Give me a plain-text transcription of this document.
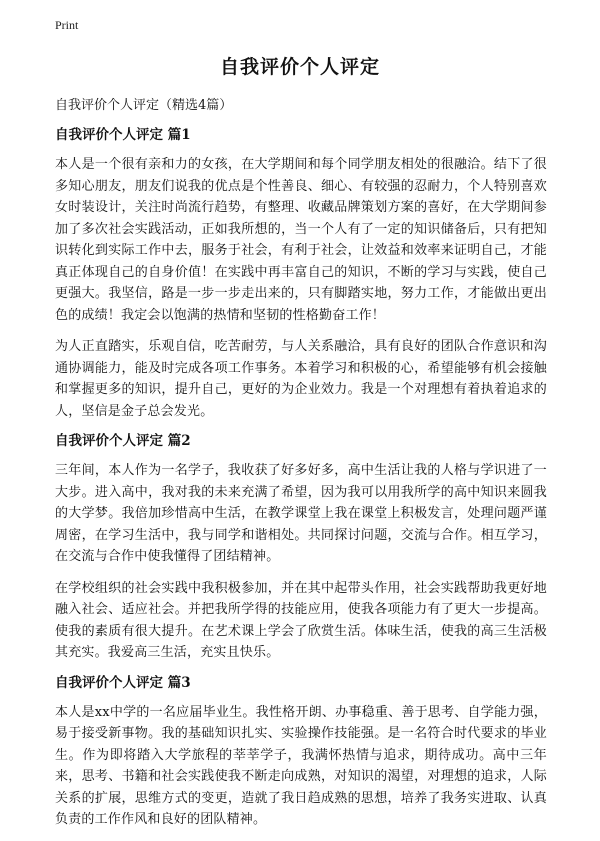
Print
自我评价个人评定

自我评价个人评定（精选4篇）

自我评价个人评定 篇1

本人是一个很有亲和力的女孩，在大学期间和每个同学朋友相处的很融洽。结下了很多知心朋友，朋友们说我的优点是个性善良、细心、有较强的忍耐力，个人特别喜欢女时装设计，关注时尚流行趋势，有整理、收藏品牌策划方案的喜好，在大学期间参加了多次社会实践活动，正如我所想的，当一个人有了一定的知识储备后，只有把知识转化到实际工作中去，服务于社会，有利于社会，让效益和效率来证明自己，才能真正体现自己的自身价值！在实践中再丰富自己的知识，不断的学习与实践，使自己更强大。我坚信，路是一步一步走出来的，只有脚踏实地，努力工作，才能做出更出色的成绩！我定会以饱满的热情和坚韧的性格勤奋工作！

为人正直踏实，乐观自信，吃苦耐劳，与人关系融洽，具有良好的团队合作意识和沟通协调能力，能及时完成各项工作事务。本着学习和积极的心，希望能够有机会接触和掌握更多的知识，提升自己，更好的为企业效力。我是一个对理想有着执着追求的人，坚信是金子总会发光。

自我评价个人评定 篇2

三年间，本人作为一名学子，我收获了好多好多，高中生活让我的人格与学识进了一大步。进入高中，我对我的未来充满了希望，因为我可以用我所学的高中知识来圆我的大学梦。我倍加珍惜高中生活，在教学课堂上我在课堂上积极发言，处理问题严谨周密，在学习生活中，我与同学和谐相处。共同探讨问题，交流与合作。相互学习，在交流与合作中使我懂得了团结精神。

在学校组织的社会实践中我积极参加，并在其中起带头作用，社会实践帮助我更好地融入社会、适应社会。并把我所学得的技能应用，使我各项能力有了更大一步提高。使我的素质有很大提升。在艺术课上学会了欣赏生活。体味生活，使我的高三生活极其充实。我爱高三生活，充实且快乐。

自我评价个人评定 篇3

本人是xx中学的一名应届毕业生。我性格开朗、办事稳重、善于思考、自学能力强，易于接受新事物。我的基础知识扎实、实验操作技能强。是一名符合时代要求的毕业生。作为即将踏入大学旅程的莘莘学子，我满怀热情与追求，期待成功。高中三年来，思考、书籍和社会实践使我不断走向成熟，对知识的渴望，对理想的追求，人际关系的扩展，思维方式的变更，造就了我日趋成熟的思想，培养了我务实进取、认真负责的工作作风和良好的团队精神。
